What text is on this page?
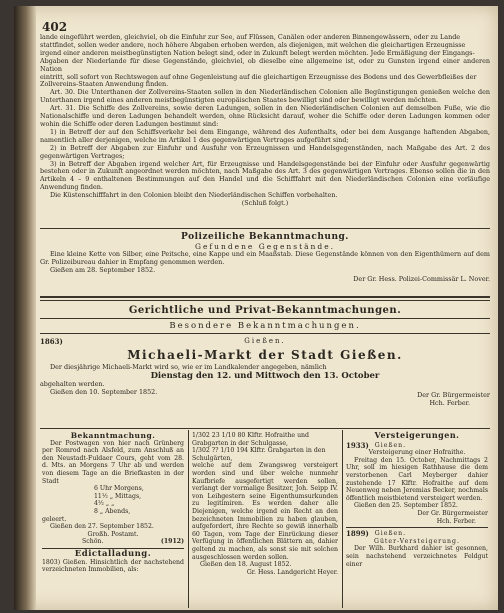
402

lande eingeführt werden, gleichviel, ob die Einfuhr zur See, auf Flüssen, Canälen oder anderen Binnengewässern, oder zu Lande

stattfindet, sollen weder andere, noch höhere Abgaben erhoben werden, als diejenigen, mit welchen die gleichartigen Erzeugnisse

irgend einer anderen meistbegünstigten Nation belegt sind, oder in Zukunft belegt werden möchten. Jede Ermäßigung der Eingangs-

Abgaben der Niederlande für diese Gegenstände, gleichviel, ob dieselbe eine allgemeine ist, oder zu Gunsten irgend einer anderen Nation

eintritt, soll sofort von Rechtswegen auf ohne Gegenleistung auf die gleichartigen Erzeugnisse des Bodens und des Gewerbfleißes der

Zollvereins-Staaten Anwendung finden.

Art. 30. Die Unterthanen der Zollvereins-Staaten sollen in den Niederländischen Colonien alle Begünstigungen genießen welche den Unterthanen irgend eines anderen meistbegünstigten europäischen Staates bewilligt sind oder bewilligt werden möchten.

Art. 31. Die Schiffe des Zollvereins, sowie deren Ladungen, sollen in den Niederländischen Colonien auf demselben Fuße, wie die Nationalschiffe und deren Ladungen behandelt werden, ohne Rücksicht darauf, woher die Schiffe oder deren Ladungen kommen oder wohin die Schiffe oder deren Ladungen bestimmt sind:

1) in Betreff der auf den Schiffsverkehr bei dem Eingange, während des Aufenthalts, oder bei dem Ausgange haftenden Abgaben, namentlich aller derjenigen, welche im Artikel 1 des gegenwärtigen Vertrages aufgeführt sind;

2) in Betreff der Abgaben zur Einfuhr und Ausfuhr von Erzeugnissen und Handelsgegenständen, nach Maßgabe des Art. 2 des gegenwärtigen Vertrages;

3) in Betreff der Abgaben irgend welcher Art, für Erzeugnisse und Handelsgegenstände bei der Einfuhr oder Ausfuhr gegenwärtig bestehen oder in Zukunft angeordnet werden möchten, nach Maßgabe des Art. 3 des gegenwärtigen Vertrages. Ebenso sollen die in den Artikeln 4 – 9 enthaltenen Bestimmungen auf den Handel und die Schifffahrt mit den Niederländischen Colonien eine vorläufige Anwendung finden.

Die Küstenschifffahrt in den Colonien bleibt den Niederländischen Schiffen vorbehalten.

(Schluß folgt.)

Polizeiliche Bekanntmachung.

Gefundene Gegenstände.

Eine kleine Kette von Silber, eine Peitsche, eine Kappe und ein Maaßstab. Diese Gegenstände können von den Eigenthümern auf dem Gr. Polizeibureau dahier in Empfang genommen werden.

Gießen am 28. September 1852.

Der Gr. Hess. Polizei-Commissär L. Nover.

Gerichtliche und Privat-Bekanntmachungen.

Besondere Bekanntmachungen.

1863)	Gießen.

Michaeli-Markt der Stadt Gießen.

Der diesjährige Michaeli-Markt wird so, wie er im Landkalender angegeben, nämlich

Dienstag den 12. und Mittwoch den 13. October

abgehalten werden.

Gießen den 10. September 1852.	Der Gr. Bürgermeister

Hch. Ferber.

Bekanntmachung.

Der Postwagen von hier nach Grünberg per Romrod nach Alsfeld, zum Anschluß an den Neustadt-Fuldaer Cours, geht vom 28. d. Mts. an Morgens 7 Uhr ab und werden von diesem Tage an die Briefkasten in der Stadt

6 Uhr Morgens,

11½ „ Mittags,

4½ „ „

8 „ Abends,

geleert.

Gießen den 27. September 1852.

Großh. Postamt.

Schön.	(1912)

Edictalladung.

1803) Gießen. Hinsichtlich der nachstehend verzeichneten Immobilien, als:

1/302 23 1/10 80 Klftr. Hofraithe und Grabgarten in der Schulgasse,

1/302 ?? 1/10 194 Klftr. Grabgarten in den Schulgärten,

welche auf dem Zwangsweg versteigert worden sind und über welche nunmehr Kaufbriefe ausgefertigt werden sollen, verlangt der vormalige Besitzer, Joh. Seipp IV. von Leihgestern seine Eigenthumsurkunden zu legitimiren. Es werden daher alle Diejenigen, welche irgend ein Recht an den bezeichneten Immobilien zu haben glauben, aufgefordert, ihre Rechte so gewiß innerhalb 60 Tagen, vom Tage der Einrückung dieser Verfügung in öffentlichen Blättern an, dahier geltend zu machen, als sonst sie mit solchen ausgeschlossen werden sollen.

Gießen den 18. August 1852.

Gr. Hess. Landgericht Heyer.

Versteigerungen.

1933) Gießen.

Versteigerung einer Hofraithe.

Freitag den 15. October, Nachmittags 2 Uhr, soll im hiesigen Rathhause die dem verstorbenen Carl Meyberger dahier zustehende 17 Klftr. Hofraithe auf dem Neuenweg neben Jeremias Becker, nochmals öffentlich meistbietend versteigert werden.

Gießen den 25. September 1852.

Der Gr. Bürgermeister

Hch. Ferber.

1899) Gießen.

Güter-Versteigerung.

Der Wilh. Burkhard dahier ist gesonnen, sein nachstehend verzeichnetes Feldgut einer
